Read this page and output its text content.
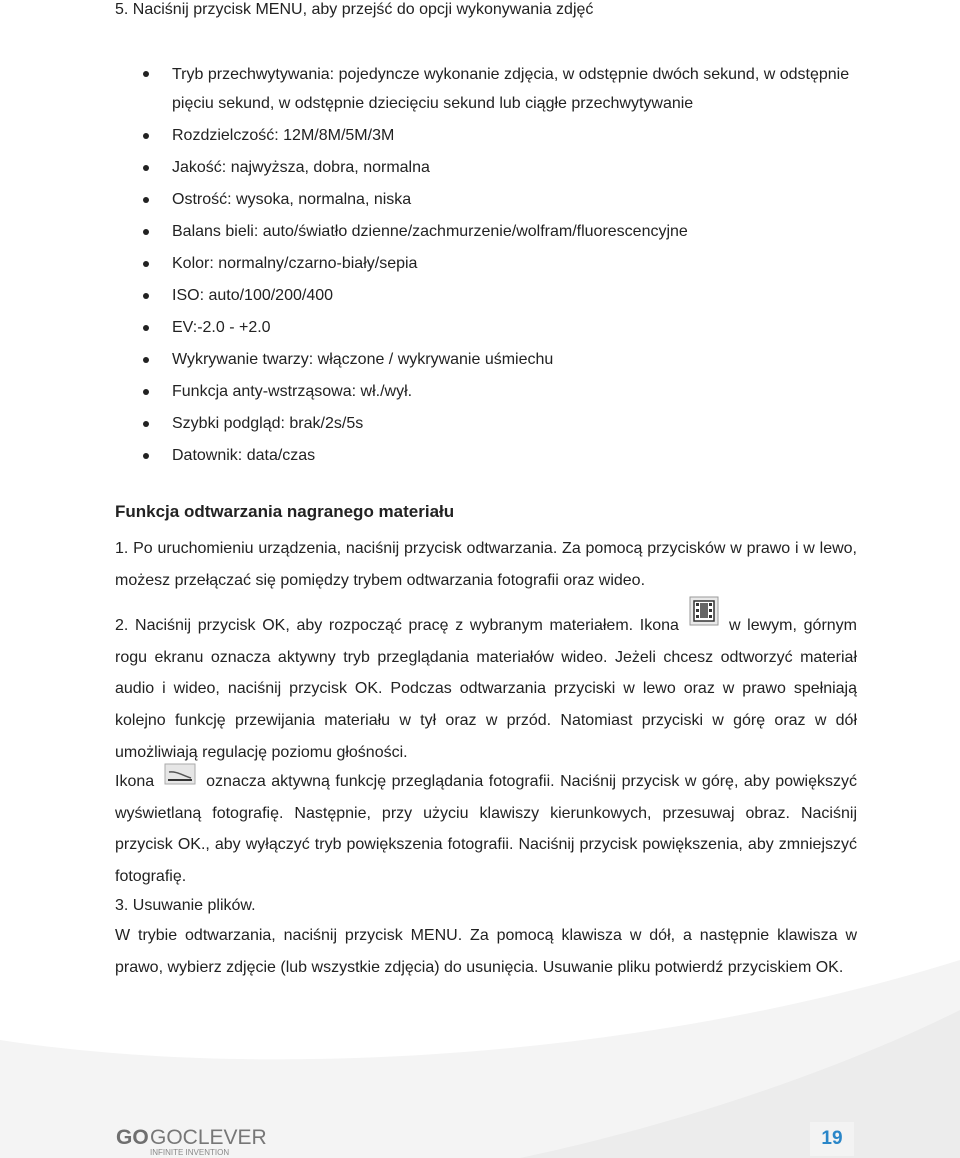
5. Naciśnij przycisk MENU, aby przejść do opcji wykonywania zdjęć
Tryb przechwytywania: pojedyncze wykonanie zdjęcia, w odstępnie dwóch sekund, w odstępnie pięciu sekund, w odstępnie dziecięciu sekund lub ciągłe przechwytywanie
Rozdzielczość: 12M/8M/5M/3M
Jakość: najwyższa, dobra, normalna
Ostrość: wysoka, normalna, niska
Balans bieli: auto/światło dzienne/zachmurzenie/wolfram/fluorescencyjne
Kolor: normalny/czarno-biały/sepia
ISO: auto/100/200/400
EV:-2.0 - +2.0
Wykrywanie twarzy: włączone / wykrywanie uśmiechu
Funkcja anty-wstrząsowa: wł./wył.
Szybki podgląd: brak/2s/5s
Datownik: data/czas
Funkcja odtwarzania nagranego materiału

1. Po uruchomieniu urządzenia, naciśnij przycisk odtwarzania. Za pomocą przycisków w prawo i w lewo, możesz przełączać się pomiędzy trybem odtwarzania fotografii oraz wideo.

2. Naciśnij przycisk OK, aby rozpocząć pracę z wybranym materiałem. Ikona	w lewym, górnym rogu ekranu oznacza aktywny tryb przeglądania materiałów wideo. Jeżeli chcesz odtworzyć materiał audio i wideo, naciśnij przycisk OK. Podczas odtwarzania przyciski w lewo oraz w prawo spełniają kolejno funkcję przewijania materiału w tył oraz w przód. Natomiast przyciski w górę oraz w dół umożliwiają regulację poziomu głośności.

Ikona	oznacza aktywną funkcję przeglądania fotografii. Naciśnij przycisk w górę, aby powiększyć wyświetlaną fotografię. Następnie, przy użyciu klawiszy kierunkowych, przesuwaj obraz. Naciśnij przycisk OK., aby wyłączyć tryb powiększenia fotografii. Naciśnij przycisk powiększenia, aby zmniejszyć fotografię.

3. Usuwanie plików.

W trybie odtwarzania, naciśnij przycisk MENU. Za pomocą klawisza w dół, a następnie klawisza w prawo, wybierz zdjęcie (lub wszystkie zdjęcia) do usunięcia. Usuwanie pliku potwierdź przyciskiem OK.

GO GOCLEVER
INFINITE INVENTION
19
